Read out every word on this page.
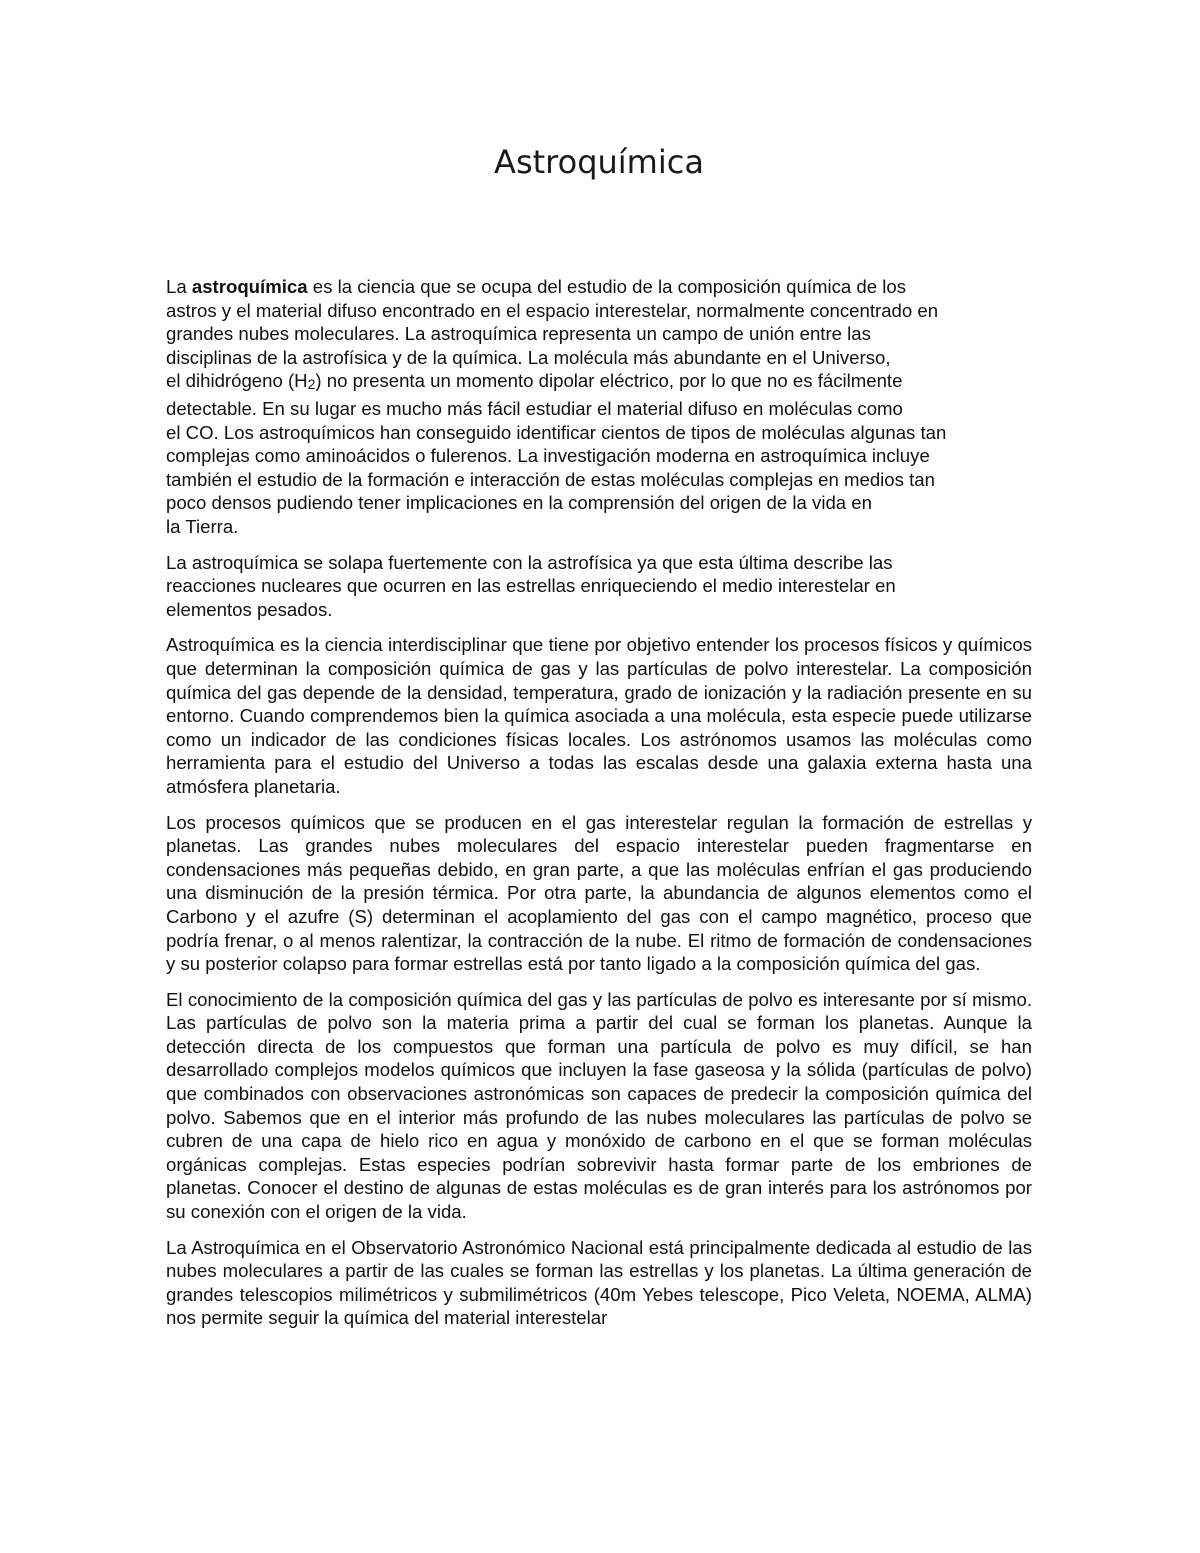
Astroquímica

La astroquímica es la ciencia que se ocupa del estudio de la composición química de los
astros y el material difuso encontrado en el espacio interestelar, normalmente concentrado en
grandes nubes moleculares. La astroquímica representa un campo de unión entre las
disciplinas de la astrofísica y de la química. La molécula más abundante en el Universo,
el dihidrógeno (H2) no presenta un momento dipolar eléctrico, por lo que no es fácilmente
detectable. En su lugar es mucho más fácil estudiar el material difuso en moléculas como
el CO. Los astroquímicos han conseguido identificar cientos de tipos de moléculas algunas tan
complejas como aminoácidos o fulerenos. La investigación moderna en astroquímica incluye
también el estudio de la formación e interacción de estas moléculas complejas en medios tan
poco densos pudiendo tener implicaciones en la comprensión del origen de la vida en
la Tierra.

La astroquímica se solapa fuertemente con la astrofísica ya que esta última describe las
reacciones nucleares que ocurren en las estrellas enriqueciendo el medio interestelar en
elementos pesados.

Astroquímica es la ciencia interdisciplinar que tiene por objetivo entender los procesos físicos y químicos que determinan la composición química de gas y las partículas de polvo interestelar. La composición química del gas depende de la densidad, temperatura, grado de ionización y la radiación presente en su entorno. Cuando comprendemos bien la química asociada a una molécula, esta especie puede utilizarse como un indicador de las condiciones físicas locales. Los astrónomos usamos las moléculas como herramienta para el estudio del Universo a todas las escalas desde una galaxia externa hasta una atmósfera planetaria.

Los procesos químicos que se producen en el gas interestelar regulan la formación de estrellas y planetas. Las grandes nubes moleculares del espacio interestelar pueden fragmentarse en condensaciones más pequeñas debido, en gran parte, a que las moléculas enfrían el gas produciendo una disminución de la presión térmica. Por otra parte, la abundancia de algunos elementos como el Carbono y el azufre (S) determinan el acoplamiento del gas con el campo magnético, proceso que podría frenar, o al menos ralentizar, la contracción de la nube. El ritmo de formación de condensaciones y su posterior colapso para formar estrellas está por tanto ligado a la composición química del gas.

El conocimiento de la composición química del gas y las partículas de polvo es interesante por sí mismo. Las partículas de polvo son la materia prima a partir del cual se forman los planetas. Aunque la detección directa de los compuestos que forman una partícula de polvo es muy difícil, se han desarrollado complejos modelos químicos que incluyen la fase gaseosa y la sólida (partículas de polvo) que combinados con observaciones astronómicas son capaces de predecir la composición química del polvo. Sabemos que en el interior más profundo de las nubes moleculares las partículas de polvo se cubren de una capa de hielo rico en agua y monóxido de carbono en el que se forman moléculas orgánicas complejas. Estas especies podrían sobrevivir hasta formar parte de los embriones de planetas. Conocer el destino de algunas de estas moléculas es de gran interés para los astrónomos por su conexión con el origen de la vida.

La Astroquímica en el Observatorio Astronómico Nacional está principalmente dedicada al estudio de las nubes moleculares a partir de las cuales se forman las estrellas y los planetas. La última generación de grandes telescopios milimétricos y submilimétricos (40m Yebes telescope, Pico Veleta, NOEMA, ALMA) nos permite seguir la química del material interestelar
